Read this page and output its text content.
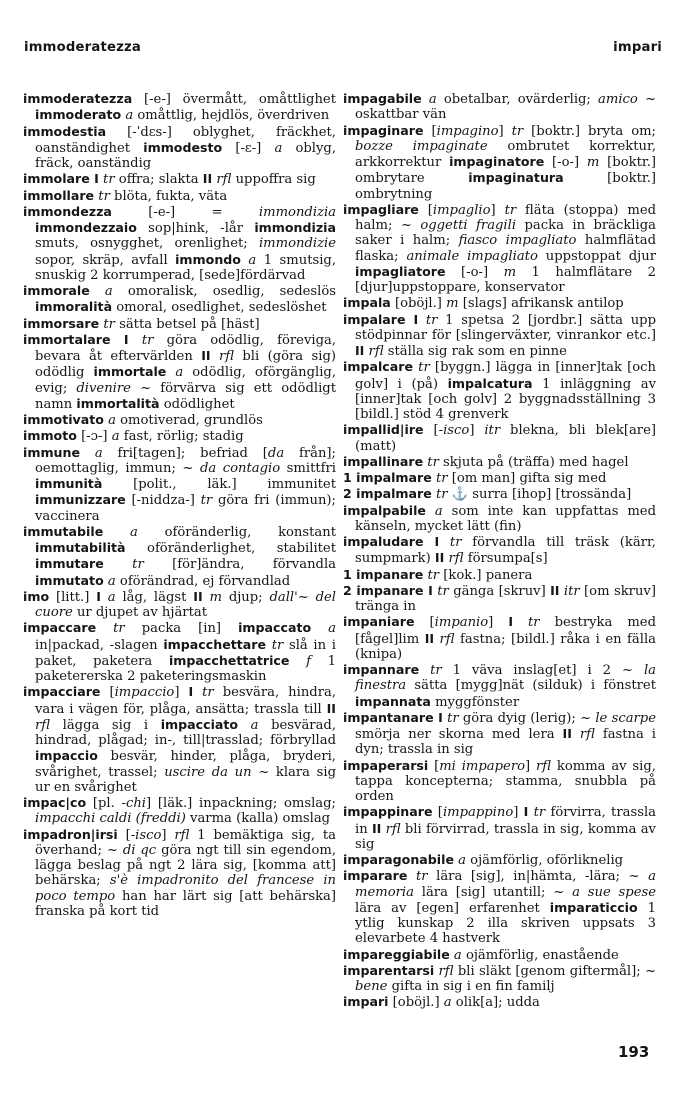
immoderatezza	impari

immoderatezza [-e-] övermått, omåttlighet immoderato a omåttlig, hejdlös, överdriven

immodestia [-ˈdɛs-] oblyghet, fräckhet, oanständighet immodesto [-ɛ-] a oblyg, fräck, oanständig

immolare I tr offra; slakta II rfl uppoffra sig

immollare tr blöta, fukta, väta

immondezza [-e-] = immondizia immondezzaio sop|hink, -lår immondizia smuts, osnygghet, orenlighet; immondizie sopor, skräp, avfall immondo a 1 smutsig, snuskig 2 korrumperad, [sede]fördärvad

immorale a omoralisk, osedlig, sedeslös immoralità omoral, osedlighet, sedeslöshet

immorsare tr sätta betsel på [häst]

immortalare I tr göra odödlig, föreviga, bevara åt eftervärlden II rfl bli (göra sig) odödlig immortale a odödlig, oförgänglig, evig; divenire ~ förvärva sig ett odödligt namn immortalità odödlighet

immotivato a omotiverad, grundlös

immoto [-ɔ-] a fast, rörlig; stadig

immune a fri[tagen]; befriad [da från]; oemottaglig, immun; ~ da contagio smittfri immunità [polit., läk.] immunitet immunizzare [-niddza-] tr göra fri (immun); vaccinera

immutabile a oföränderlig, konstant immutabilità oföränderlighet, stabilitet immutare tr [för]ändra, förvandla immutato a oförändrad, ej förvandlad

imo [litt.] I a låg, lägst II m djup; dall'~ del cuore ur djupet av hjärtat

impaccare tr packa [in] impaccato a in|packad, -slagen impacchettare tr slå in i paket, paketera impacchettatrice f 1 paketererska 2 paketeringsmaskin

impacciare [impaccio] I tr besvära, hindra, vara i vägen för, plåga, ansätta; trassla till II rfl lägga sig i impacciato a besvärad, hindrad, plågad; in-, till|trasslad; förbryllad impaccio besvär, hinder, plåga, bryderi, svårighet, trassel; uscire da un ~ klara sig ur en svårighet

impac|co [pl. -chi] [läk.] inpackning; omslag; impacchi caldi (freddi) varma (kalla) omslag

impadron|irsi [-isco] rfl 1 bemäktiga sig, ta överhand; ~ di qc göra ngt till sin egendom, lägga beslag på ngt 2 lära sig, [komma att] behärska; s'è impadronito del francese in poco tempo han har lärt sig [att behärska] franska på kort tid

impagabile a obetalbar, ovärderlig; amico ~ oskattbar vän

impaginare [impagino] tr [boktr.] bryta om; bozze impaginate ombrutet korrektur, arkkorrektur impaginatore [-o-] m [boktr.] ombrytare impaginatura [boktr.] ombrytning

impagliare [impaglio] tr fläta (stoppa) med halm; ~ oggetti fragili packa in bräckliga saker i halm; fiasco impagliato halmflätad flaska; animale impagliato uppstoppat djur impagliatore [-o-] m 1 halmflätare 2 [djur]uppstoppare, konservator

impala [oböjl.] m [slags] afrikansk antilop

impalare I tr 1 spetsa 2 [jordbr.] sätta upp stödpinnar för [slingerväxter, vinrankor etc.] II rfl ställa sig rak som en pinne

impalcare tr [byggn.] lägga in [inner]tak [och golv] i (på) impalcatura 1 inläggning av [inner]tak [och golv] 2 byggnadsställning 3 [bildl.] stöd 4 grenverk

impallid|ire [-isco] itr blekna, bli blek[are] (matt)

impallinare tr skjuta på (träffa) med hagel

1 impalmare tr [om man] gifta sig med

2 impalmare tr ⚓ surra [ihop] [trossända]

impalpabile a som inte kan uppfattas med känseln, mycket lätt (fin)

impaludare I tr förvandla till träsk (kärr, sumpmark) II rfl försumpa[s]

1 impanare tr [kok.] panera

2 impanare I tr gänga [skruv] II itr [om skruv] tränga in

impaniare [impanio] I tr bestryka med [fågel]lim II rfl fastna; [bildl.] råka i en fälla (knipa)

impannare tr 1 väva inslag[et] i 2 ~ la finestra sätta [mygg]nät (silduk) i fönstret impannata myggfönster

impantanare I tr göra dyig (lerig); ~ le scarpe smörja ner skorna med lera II rfl fastna i dyn; trassla in sig

impaperarsi [mi impapero] rfl komma av sig, tappa koncepterna; stamma, snubbla på orden

impappinare [impappino] I tr förvirra, trassla in II rfl bli förvirrad, trassla in sig, komma av sig

imparagonabile a ojämförlig, oförliknelig

imparare tr lära [sig], in|hämta, -lära; ~ a memoria lära [sig] utantill; ~ a sue spese lära av [egen] erfarenhet imparaticcio 1 ytlig kunskap 2 illa skriven uppsats 3 elevarbete 4 hastverk

impareggiabile a ojämförlig, enastående

imparentarsi rfl bli släkt [genom giftermål]; ~ bene gifta in sig i en fin familj

impari [oböjl.] a olik[a]; udda

193
